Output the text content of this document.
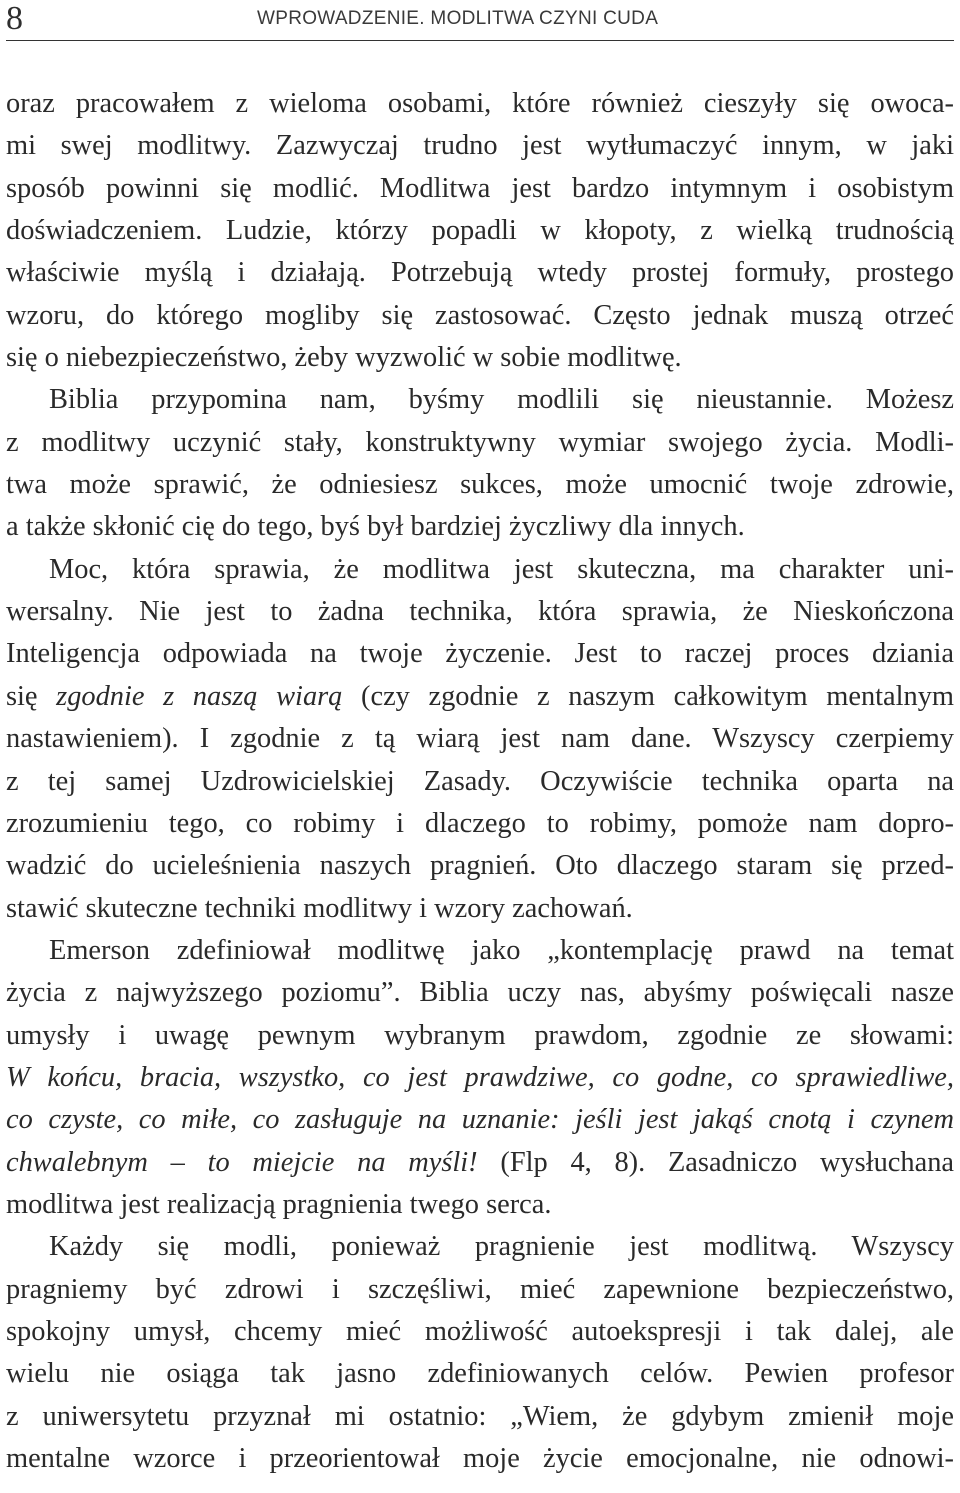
8	WPROWADZENIE. MODLITWA CZYNI CUDA
oraz pracowałem z wieloma osobami, które również cieszyły się owoca-
mi swej modlitwy. Zazwyczaj trudno jest wytłumaczyć innym, w jaki
sposób powinni się modlić. Modlitwa jest bardzo intymnym i osobistym
doświadczeniem. Ludzie, którzy popadli w kłopoty, z wielką trudnością
właściwie myślą i działają. Potrzebują wtedy prostej formuły, prostego
wzoru, do którego mogliby się zastosować. Często jednak muszą otrzeć
się o niebezpieczeństwo, żeby wyzwolić w sobie modlitwę.
Biblia przypomina nam, byśmy modlili się nieustannie. Możesz
z modlitwy uczynić stały, konstruktywny wymiar swojego życia. Modli-
twa może sprawić, że odniesiesz sukces, może umocnić twoje zdrowie,
a także skłonić cię do tego, byś był bardziej życzliwy dla innych.
Moc, która sprawia, że modlitwa jest skuteczna, ma charakter uni-
wersalny. Nie jest to żadna technika, która sprawia, że Nieskończona
Inteligencja odpowiada na twoje życzenie. Jest to raczej proces dziania
się zgodnie z naszą wiarą (czy zgodnie z naszym całkowitym mentalnym
nastawieniem). I zgodnie z tą wiarą jest nam dane. Wszyscy czerpiemy
z tej samej Uzdrowicielskiej Zasady. Oczywiście technika oparta na
zrozumieniu tego, co robimy i dlaczego to robimy, pomoże nam dopro-
wadzić do ucieleśnienia naszych pragnień. Oto dlaczego staram się przed-
stawić skuteczne techniki modlitwy i wzory zachowań.
Emerson zdefiniował modlitwę jako „kontemplację prawd na temat
życia z najwyższego poziomu”. Biblia uczy nas, abyśmy poświęcali nasze
umysły i uwagę pewnym wybranym prawdom, zgodnie ze słowami:
W końcu, bracia, wszystko, co jest prawdziwe, co godne, co sprawiedliwe,
co czyste, co miłe, co zasługuje na uznanie: jeśli jest jakąś cnotą i czynem
chwalebnym – to miejcie na myśli! (Flp 4, 8). Zasadniczo wysłuchana
modlitwa jest realizacją pragnienia twego serca.
Każdy się modli, ponieważ pragnienie jest modlitwą. Wszyscy
pragniemy być zdrowi i szczęśliwi, mieć zapewnione bezpieczeństwo,
spokojny umysł, chcemy mieć możliwość autoekspresji i tak dalej, ale
wielu nie osiąga tak jasno zdefiniowanych celów. Pewien profesor
z uniwersytetu przyznał mi ostatnio: „Wiem, że gdybym zmienił moje
mentalne wzorce i przeorientował moje życie emocjonalne, nie odnowi-
